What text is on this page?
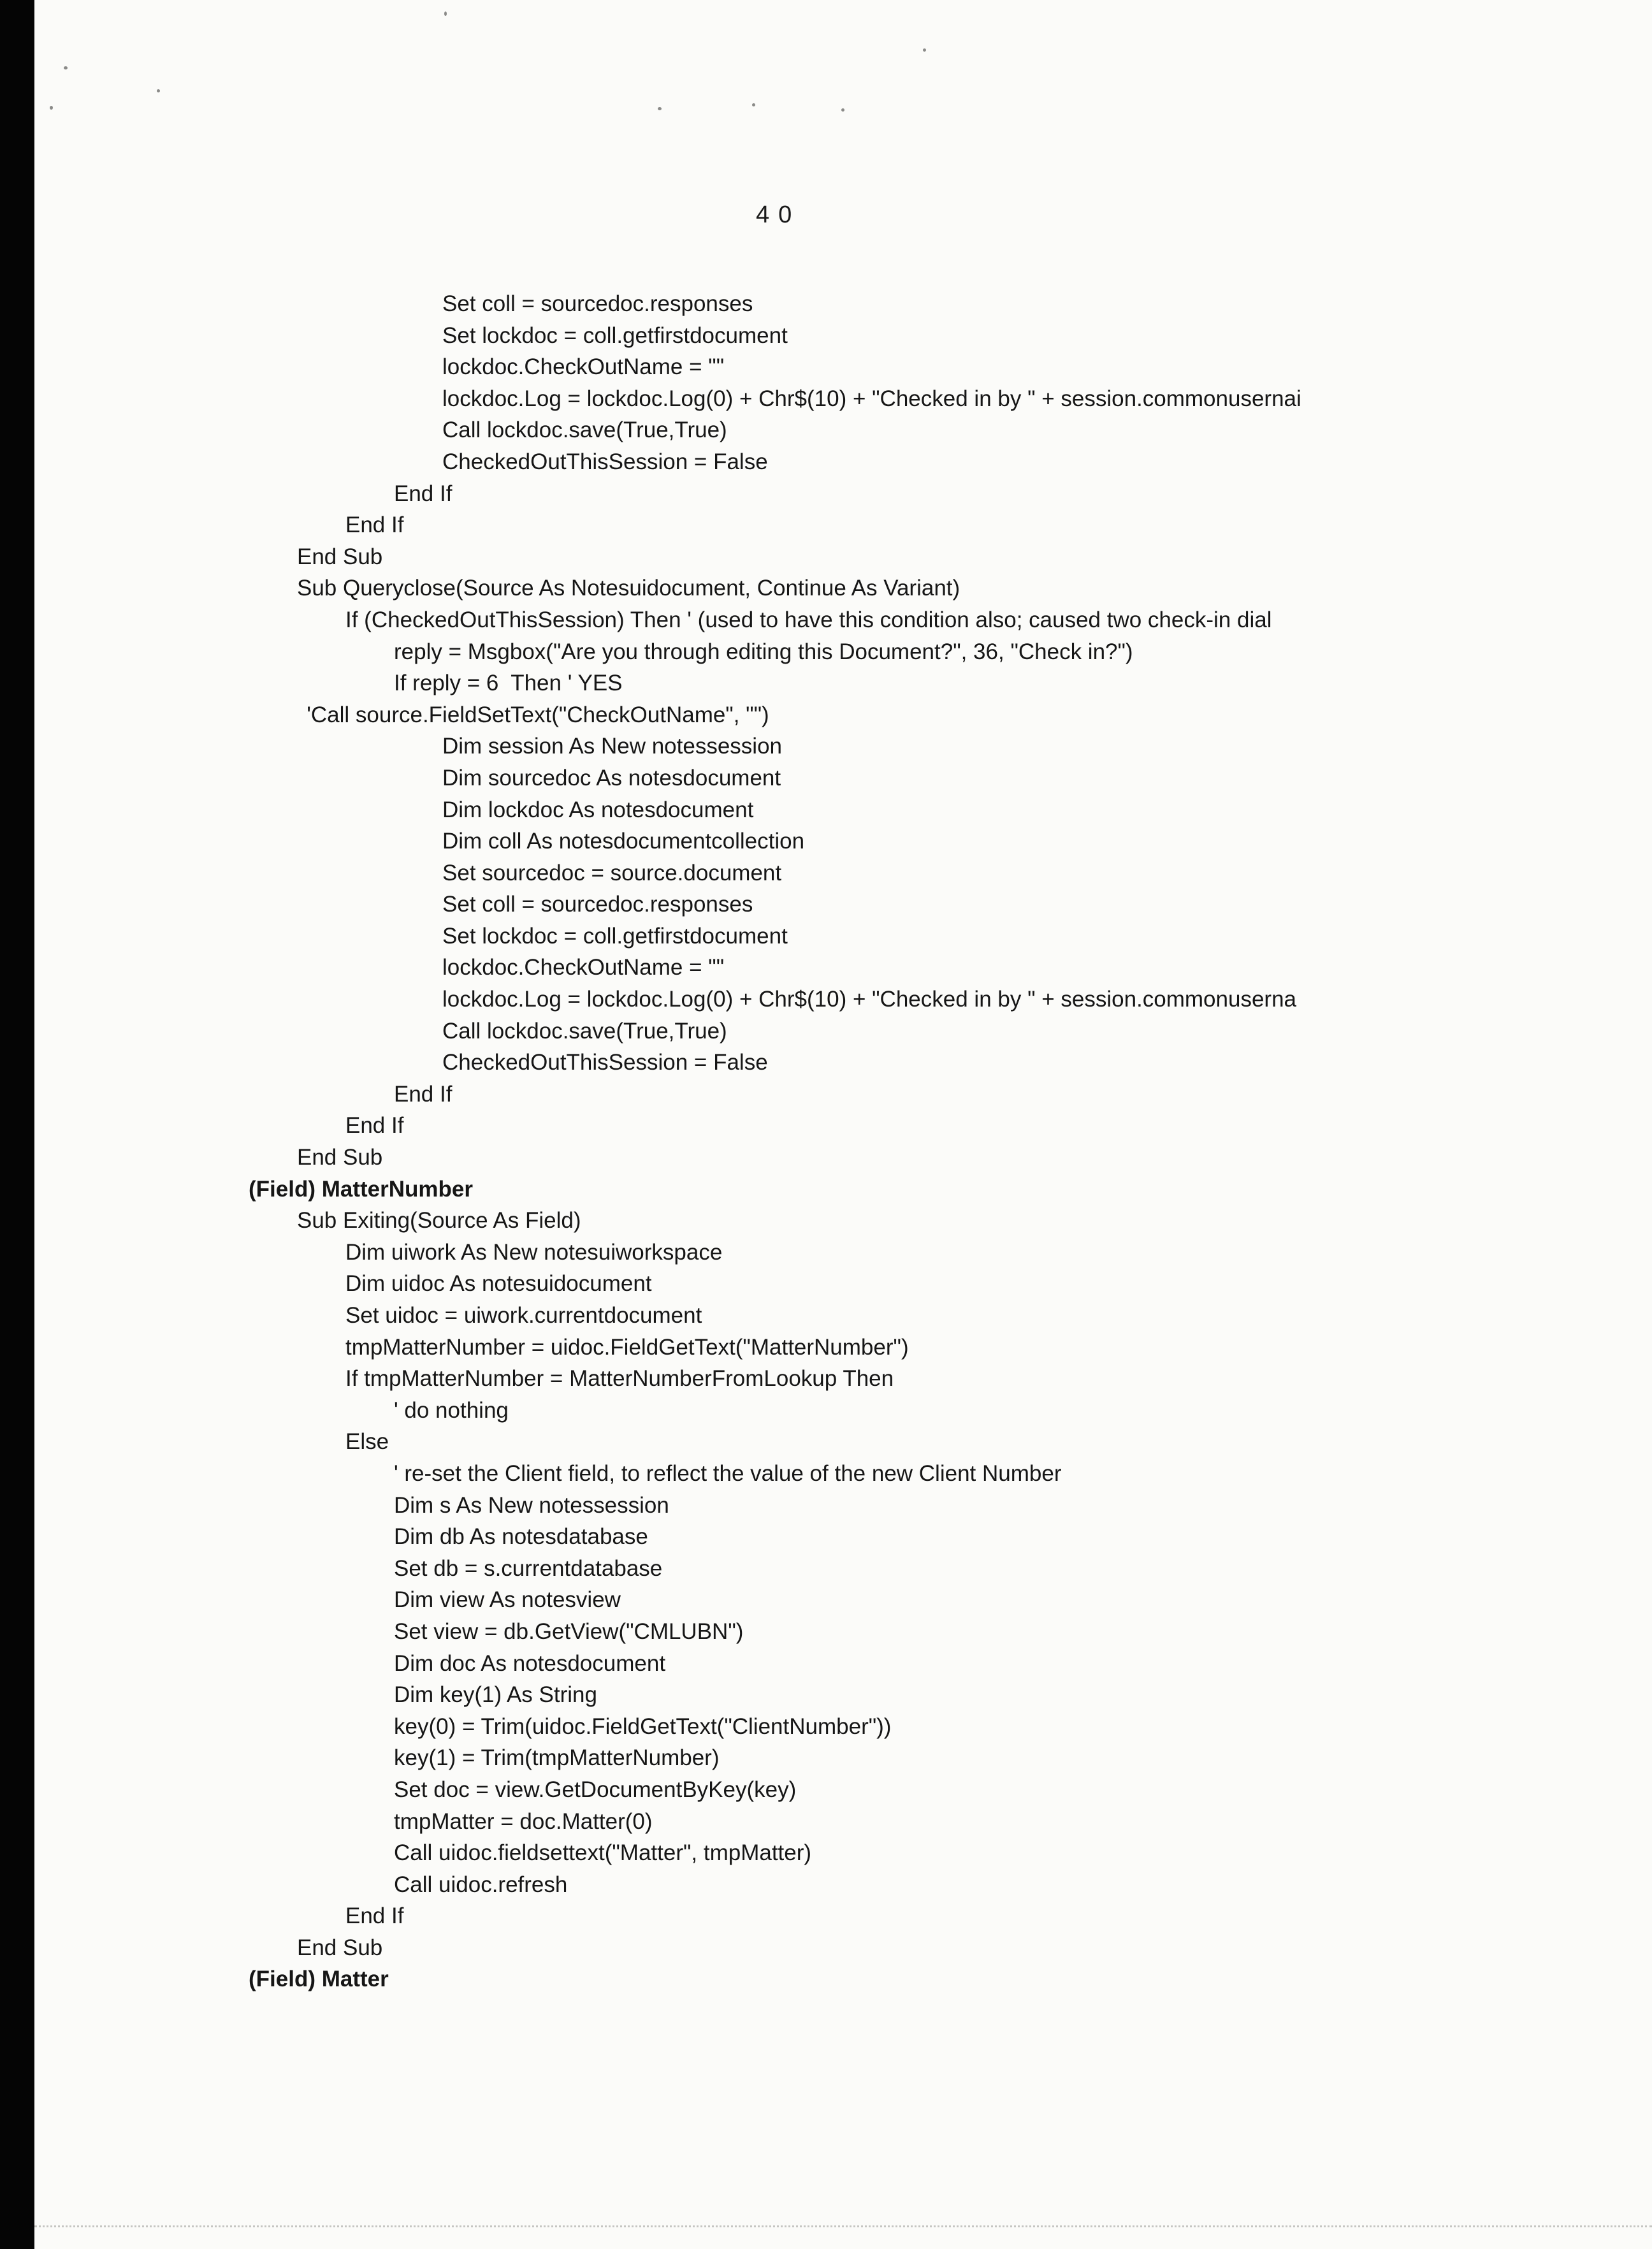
40
Set coll = sourcedoc.responses
Set lockdoc = coll.getfirstdocument
lockdoc.CheckOutName = ""
lockdoc.Log = lockdoc.Log(0) + Chr$(10) + "Checked in by " + session.commonusernai
Call lockdoc.save(True,True)
CheckedOutThisSession = False
End If
End If
End Sub
Sub Queryclose(Source As Notesuidocument, Continue As Variant)
If (CheckedOutThisSession) Then ' (used to have this condition also; caused two check-in dial
reply = Msgbox("Are you through editing this Document?", 36, "Check in?")
If reply = 6  Then ' YES
'Call source.FieldSetText("CheckOutName", "")
Dim session As New notessession
Dim sourcedoc As notesdocument
Dim lockdoc As notesdocument
Dim coll As notesdocumentcollection
Set sourcedoc = source.document
Set coll = sourcedoc.responses
Set lockdoc = coll.getfirstdocument
lockdoc.CheckOutName = ""
lockdoc.Log = lockdoc.Log(0) + Chr$(10) + "Checked in by " + session.commonuserna
Call lockdoc.save(True,True)
CheckedOutThisSession = False
End If
End If
End Sub
(Field) MatterNumber
Sub Exiting(Source As Field)
Dim uiwork As New notesuiworkspace
Dim uidoc As notesuidocument
Set uidoc = uiwork.currentdocument
tmpMatterNumber = uidoc.FieldGetText("MatterNumber")
If tmpMatterNumber = MatterNumberFromLookup Then
' do nothing
Else
' re-set the Client field, to reflect the value of the new Client Number
Dim s As New notessession
Dim db As notesdatabase
Set db = s.currentdatabase
Dim view As notesview
Set view = db.GetView("CMLUBN")
Dim doc As notesdocument
Dim key(1) As String
key(0) = Trim(uidoc.FieldGetText("ClientNumber"))
key(1) = Trim(tmpMatterNumber)
Set doc = view.GetDocumentByKey(key)
tmpMatter = doc.Matter(0)
Call uidoc.fieldsettext("Matter", tmpMatter)
Call uidoc.refresh
End If
End Sub
(Field) Matter
